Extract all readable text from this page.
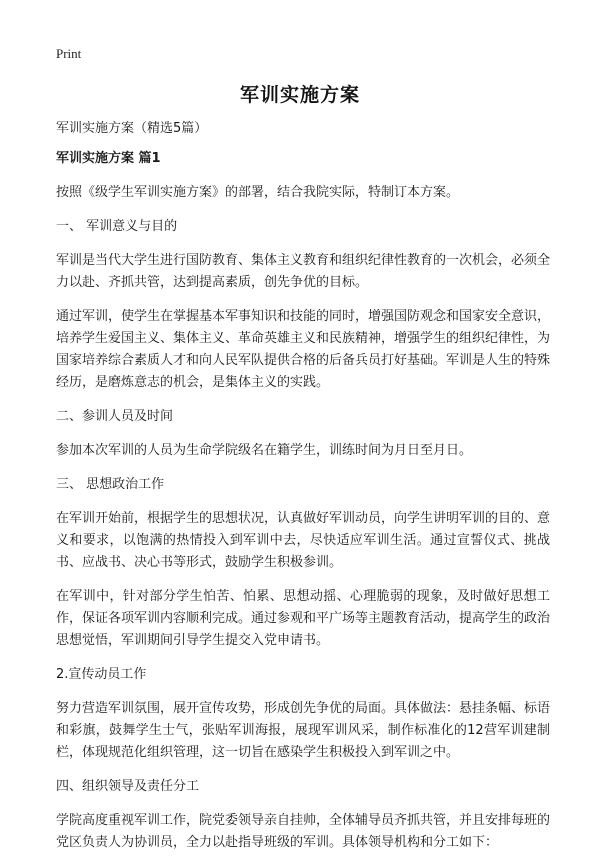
Print
军训实施方案

军训实施方案（精选5篇）

军训实施方案 篇1

按照《级学生军训实施方案》的部署，结合我院实际，特制订本方案。

一、 军训意义与目的

军训是当代大学生进行国防教育、集体主义教育和组织纪律性教育的一次机会，必须全力以赴、齐抓共管，达到提高素质，创先争优的目标。

通过军训，使学生在掌握基本军事知识和技能的同时，增强国防观念和国家安全意识，培养学生爱国主义、集体主义、革命英雄主义和民族精神，增强学生的组织纪律性，为国家培养综合素质人才和向人民军队提供合格的后备兵员打好基础。军训是人生的特殊经历，是磨炼意志的机会，是集体主义的实践。

二、参训人员及时间

参加本次军训的人员为生命学院级名在籍学生，训练时间为月日至月日。

三、 思想政治工作

在军训开始前，根据学生的思想状况，认真做好军训动员，向学生讲明军训的目的、意义和要求，以饱满的热情投入到军训中去，尽快适应军训生活。通过宣誓仪式、挑战书、应战书、决心书等形式，鼓励学生积极参训。

在军训中，针对部分学生怕苦、怕累、思想动摇、心理脆弱的现象，及时做好思想工作，保证各项军训内容顺利完成。通过参观和平广场等主题教育活动，提高学生的政治思想觉悟，军训期间引导学生提交入党申请书。

2.宣传动员工作

努力营造军训氛围，展开宣传攻势，形成创先争优的局面。具体做法：悬挂条幅、标语和彩旗，鼓舞学生士气，张贴军训海报，展现军训风采，制作标准化的12营军训建制栏，体现规范化组织管理，这一切旨在感染学生积极投入到军训之中。

四、组织领导及责任分工

学院高度重视军训工作，院党委领导亲自挂帅，全体辅导员齐抓共管，并且安排每班的党区负责人为协训员，全力以赴指导班级的军训。具体领导机构和分工如下：
